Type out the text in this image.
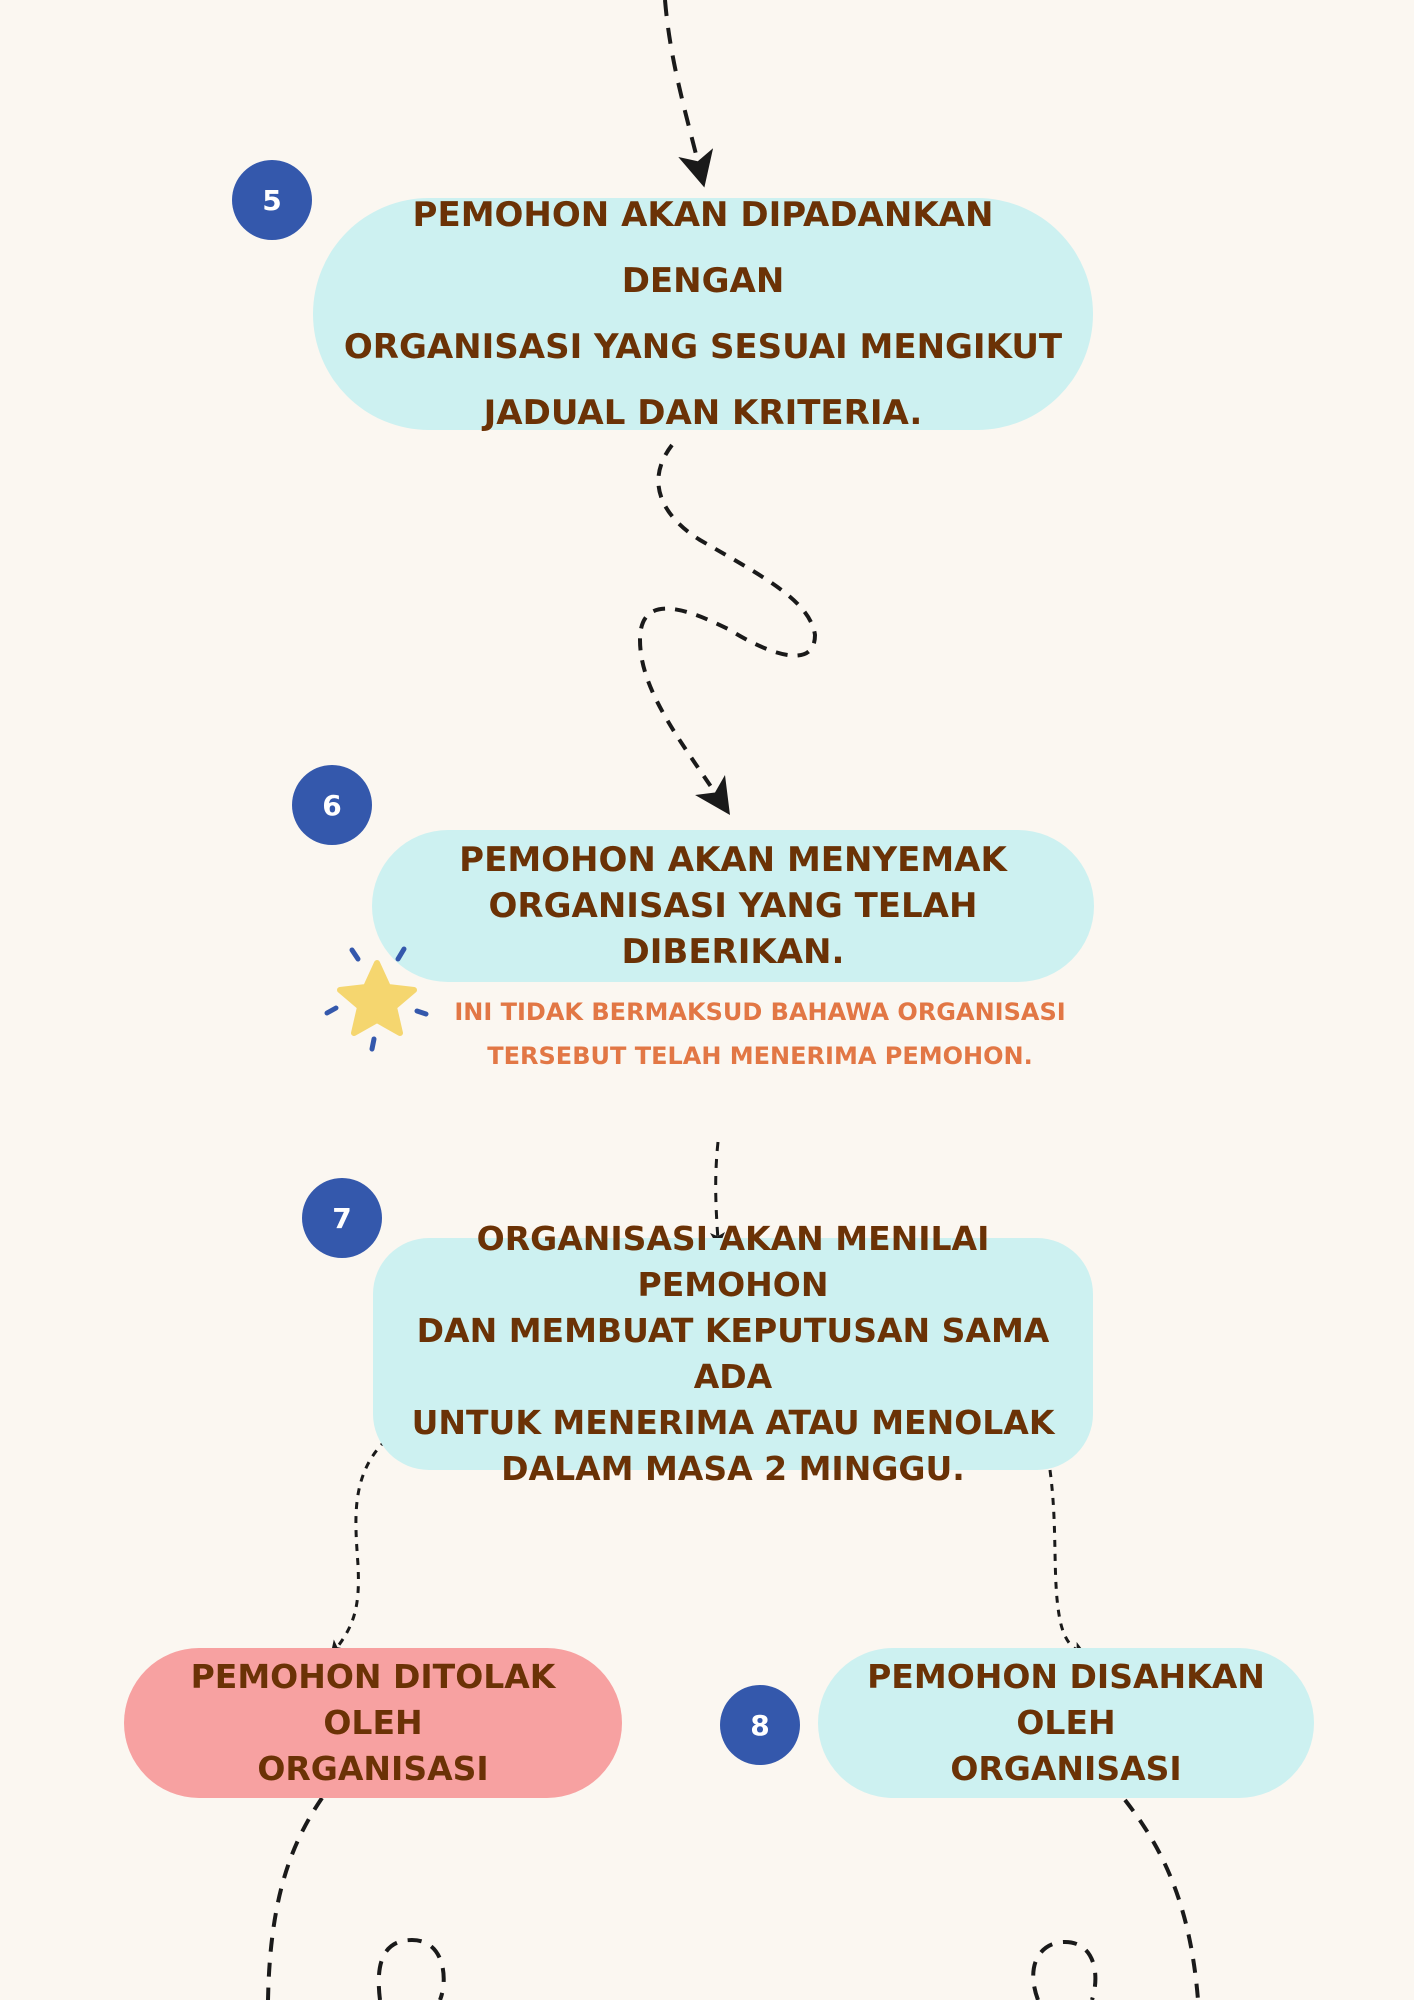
5	PEMOHON AKAN DIPADANKAN DENGAN
ORGANISASI YANG SESUAI MENGIKUT
JADUAL DAN KRITERIA.
6
PEMOHON AKAN MENYEMAK
ORGANISASI YANG TELAH DIBERIKAN.
INI TIDAK BERMAKSUD BAHAWA ORGANISASI
TERSEBUT TELAH MENERIMA PEMOHON.
7
ORGANISASI AKAN MENILAI PEMOHON
DAN MEMBUAT KEPUTUSAN SAMA ADA
UNTUK MENERIMA ATAU MENOLAK
DALAM MASA 2 MINGGU.
PEMOHON DITOLAK OLEH
ORGANISASI
8
PEMOHON DISAHKAN OLEH
ORGANISASI
